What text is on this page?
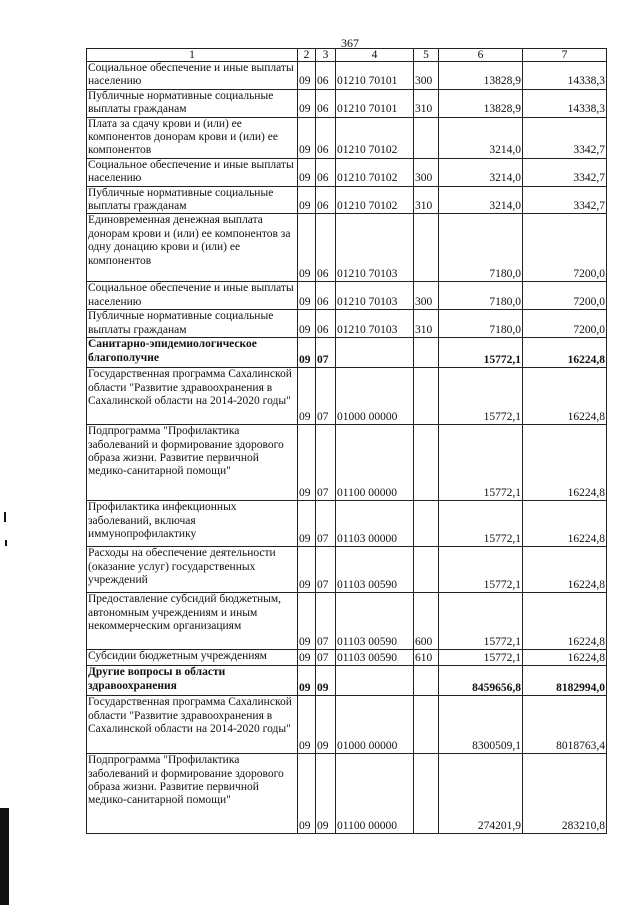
367
1	2	3	4	5	6	7
Социальное обеспечение и иные выплаты населению	09	06	01210 70101	300	13828,9	14338,3
Публичные нормативные социальные выплаты гражданам	09	06	01210 70101	310	13828,9	14338,3
Плата за сдачу крови и (или) ее компонентов донорам крови и (или) ее компонентов	09	06	01210 70102		3214,0	3342,7
Социальное обеспечение и иные выплаты населению	09	06	01210 70102	300	3214,0	3342,7
Публичные нормативные социальные выплаты гражданам	09	06	01210 70102	310	3214,0	3342,7
Единовременная денежная выплата донорам крови и (или) ее компонентов за одну донацию крови и (или) ее компонентов	09	06	01210 70103		7180,0	7200,0
Социальное обеспечение и иные выплаты населению	09	06	01210 70103	300	7180,0	7200,0
Публичные нормативные социальные выплаты гражданам	09	06	01210 70103	310	7180,0	7200,0
Санитарно-эпидемиологическое благополучие	09	07			15772,1	16224,8
Государственная программа Сахалинской области "Развитие здравоохранения в Сахалинской области на 2014-2020 годы"	09	07	01000 00000		15772,1	16224,8
Подпрограмма "Профилактика заболеваний и формирование здорового образа жизни. Развитие первичной медико-санитарной помощи"	09	07	01100 00000		15772,1	16224,8
Профилактика инфекционных заболеваний, включая иммунопрофилактику	09	07	01103 00000		15772,1	16224,8
Расходы на обеспечение деятельности (оказание услуг) государственных учреждений	09	07	01103 00590		15772,1	16224,8
Предоставление субсидий бюджетным, автономным учреждениям и иным некоммерческим организациям	09	07	01103 00590	600	15772,1	16224,8
Субсидии бюджетным учреждениям	09	07	01103 00590	610	15772,1	16224,8
Другие вопросы в области здравоохранения	09	09			8459656,8	8182994,0
Государственная программа Сахалинской области "Развитие здравоохранения в Сахалинской области на 2014-2020 годы"	09	09	01000 00000		8300509,1	8018763,4
Подпрограмма "Профилактика заболеваний и формирование здорового образа жизни. Развитие первичной медико-санитарной помощи"	09	09	01100 00000		274201,9	283210,8
